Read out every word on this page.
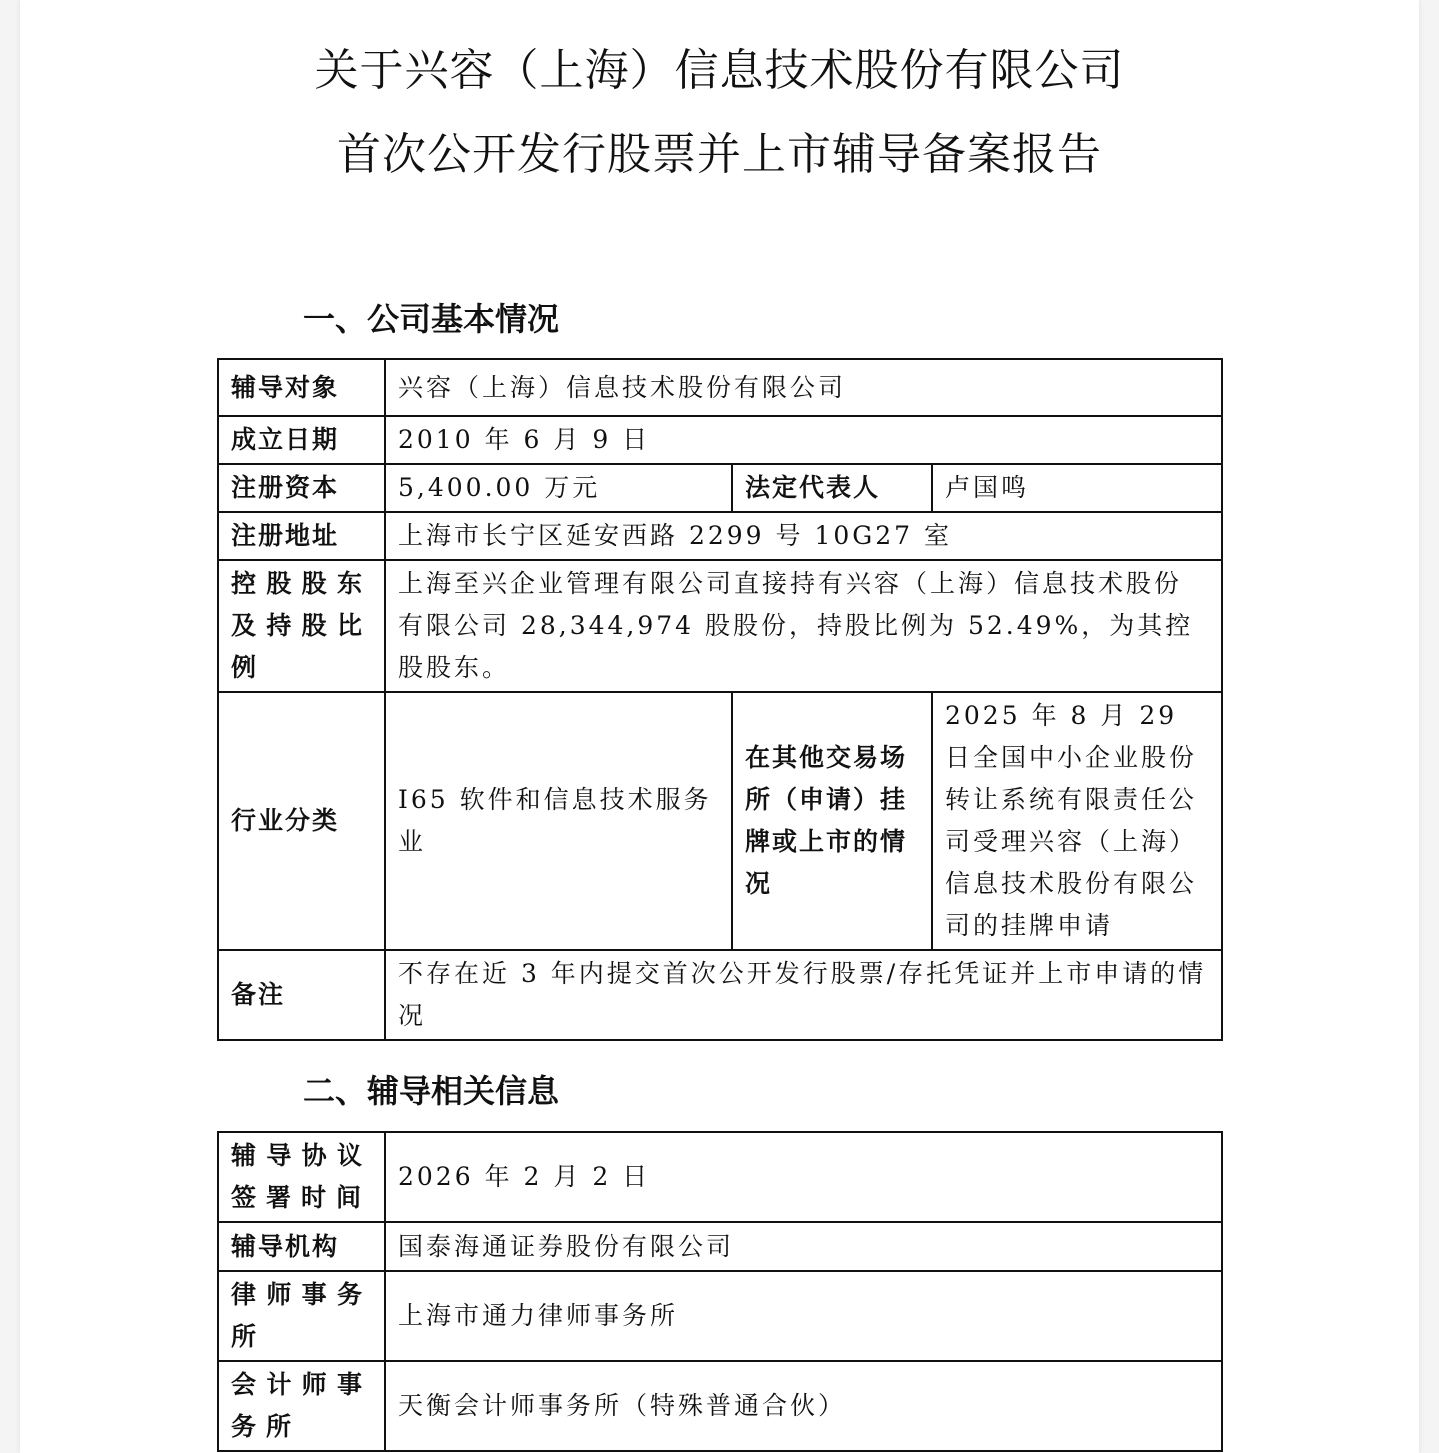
关于兴容（上海）信息技术股份有限公司
首次公开发行股票并上市辅导备案报告
一、公司基本情况
辅导对象	兴容（上海）信息技术股份有限公司		
成立日期	2010 年 6 月 9 日		
注册资本	5,400.00 万元	法定代表人	卢国鸣
注册地址	上海市长宁区延安西路 2299 号 10G27 室		
控股股东及持股比例	上海至兴企业管理有限公司直接持有兴容（上海）信息技术股份有限公司 28,344,974 股股份，持股比例为 52.49%，为其控股股东。		
行业分类	I65 软件和信息技术服务业	在其他交易场所（申请）挂牌或上市的情况	2025 年 8 月 29 日全国中小企业股份转让系统有限责任公司受理兴容（上海）信息技术股份有限公司的挂牌申请
备注	不存在近 3 年内提交首次公开发行股票/存托凭证并上市申请的情况		
二、辅导相关信息
辅导协议签署时间	2026 年 2 月 2 日
辅导机构	国泰海通证券股份有限公司
律师事务所	上海市通力律师事务所
会计师事务所	天衡会计师事务所（特殊普通合伙）
